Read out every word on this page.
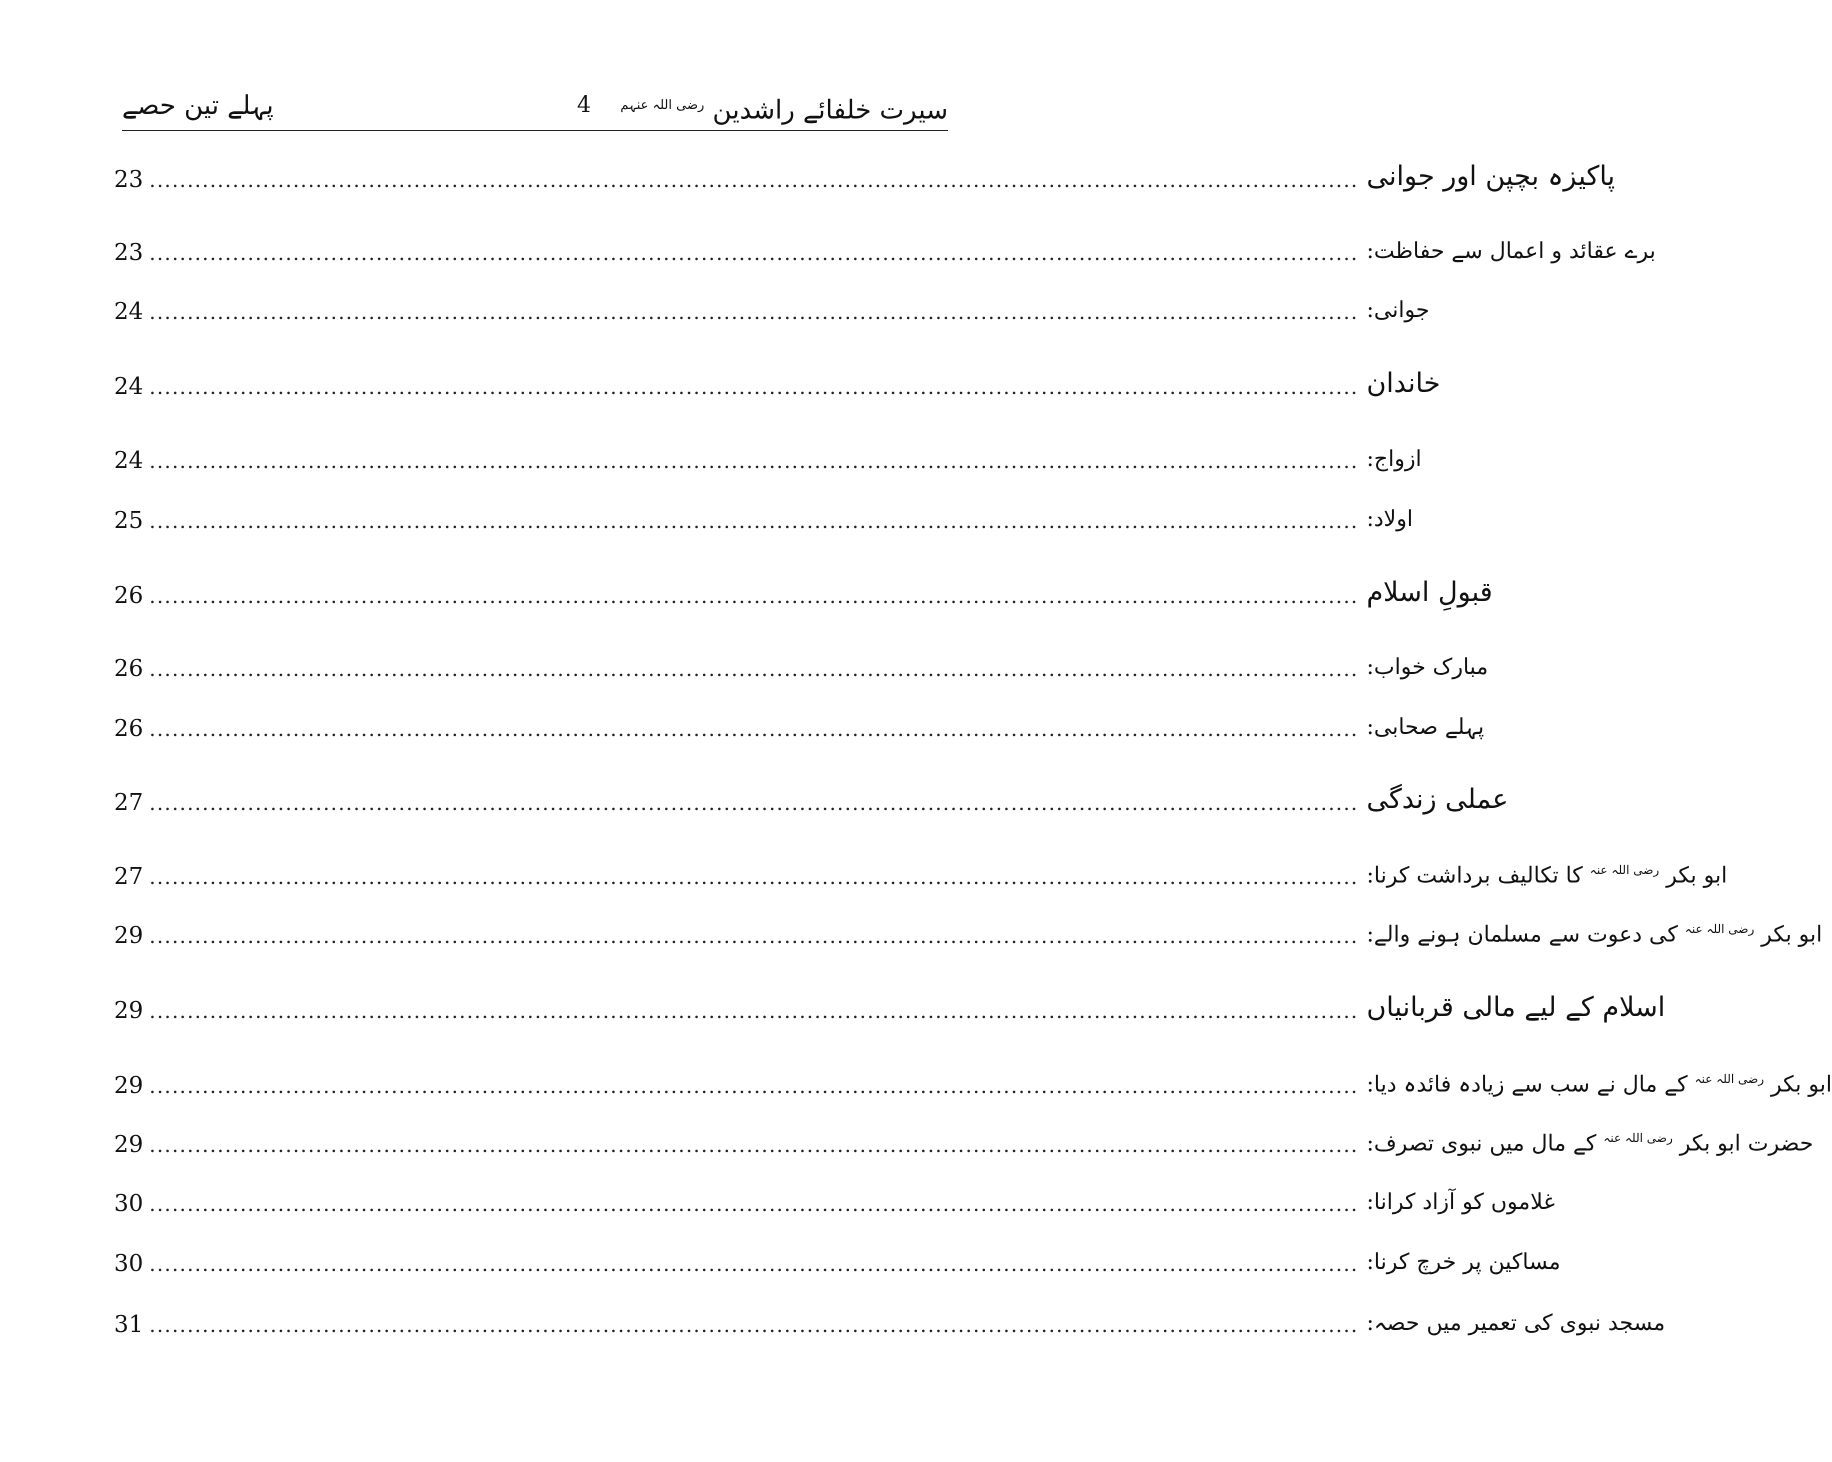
سیرت خلفائے راشدین $^{رضی اللہ عنہم}$
4
پہلے تین حصے
23 ................................................................................................................................................................ پاکیزہ بچپن اور جوانی
23 ................................................................................................................................................................ برے عقائد و اعمال سے حفاظت:
24 ................................................................................................................................................................ جوانی:
24 ................................................................................................................................................................ خاندان
24 ................................................................................................................................................................ ازواج:
25 ................................................................................................................................................................ اولاد:
26 ................................................................................................................................................................ قبولِ اسلام
26 ................................................................................................................................................................ مبارک خواب:
26 ................................................................................................................................................................ پہلے صحابی:
27 ................................................................................................................................................................ عملی زندگی
27 ................................................................................................................................................................	ابو بکر $^{رضی اللہ عنہ}$ کا تکالیف برداشت کرنا:
29 ................................................................................................................................................................	ابو بکر $^{رضی اللہ عنہ}$ کی دعوت سے مسلمان ہونے والے:
29 ................................................................................................................................................................ اسلام کے لیے مالی قربانیاں
29 ................................................................................................................................................................	ابو بکر $^{رضی اللہ عنہ}$ کے مال نے سب سے زیادہ فائدہ دیا:
29 ................................................................................................................................................................	حضرت ابو بکر $^{رضی اللہ عنہ}$ کے مال میں نبوی تصرف:
30 ................................................................................................................................................................ غلاموں کو آزاد کرانا:
30 ................................................................................................................................................................ مساکین پر خرچ کرنا:
31 ................................................................................................................................................................ مسجد نبوی کی تعمیر میں حصہ:
